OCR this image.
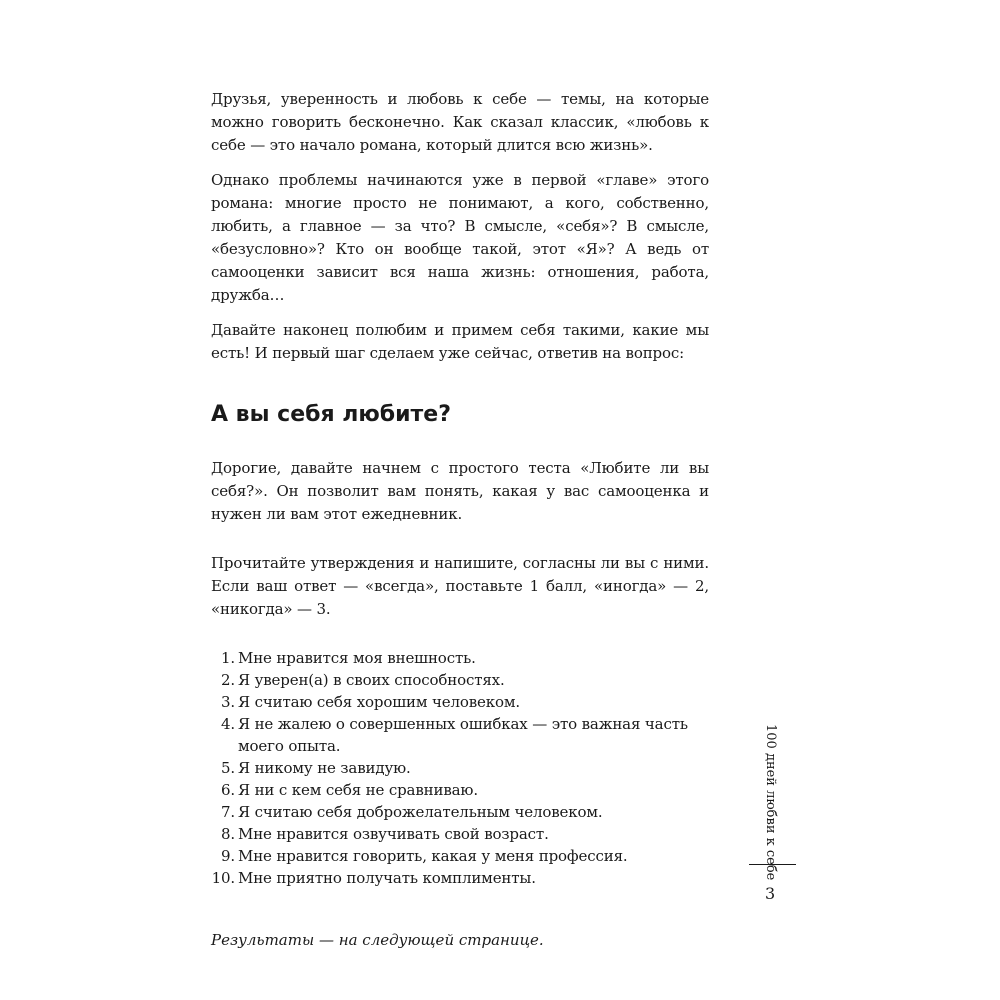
Друзья, уверенность и любовь к себе — темы, на которые можно говорить бесконечно. Как сказал классик, «любовь к себе — это начало романа, который длится всю жизнь».

Однако проблемы начинаются уже в первой «главе» этого романа: многие просто не понимают, а кого, собственно, любить, а главное — за что? В смысле, «себя»? В смысле, «безусловно»? Кто он вообще такой, этот «Я»? А ведь от самооценки зависит вся наша жизнь: отношения, работа, дружба…

Давайте наконец полюбим и примем себя такими, какие мы есть! И первый шаг сделаем уже сейчас, ответив на вопрос:

А вы себя любите?

Дорогие, давайте начнем с простого теста «Любите ли вы себя?». Он позволит вам понять, какая у вас самооценка и нужен ли вам этот ежедневник.

Прочитайте утверждения и напишите, согласны ли вы с ними. Если ваш ответ — «всегда», поставьте 1 балл, «иногда» — 2, «никогда» — 3.

1. Мне нравится моя внешность.
2. Я уверен(а) в своих способностях.
3. Я считаю себя хорошим человеком.
4. Я не жалею о совершенных ошибках — это важная часть моего опыта.
5. Я никому не завидую.
6. Я ни с кем себя не сравниваю.
7. Я считаю себя доброжелательным человеком.
8. Мне нравится озвучивать свой возраст.
9. Мне нравится говорить, какая у меня профессия.
10. Мне приятно получать комплименты.

Результаты — на следующей странице.

100 дней любви к себе
3
